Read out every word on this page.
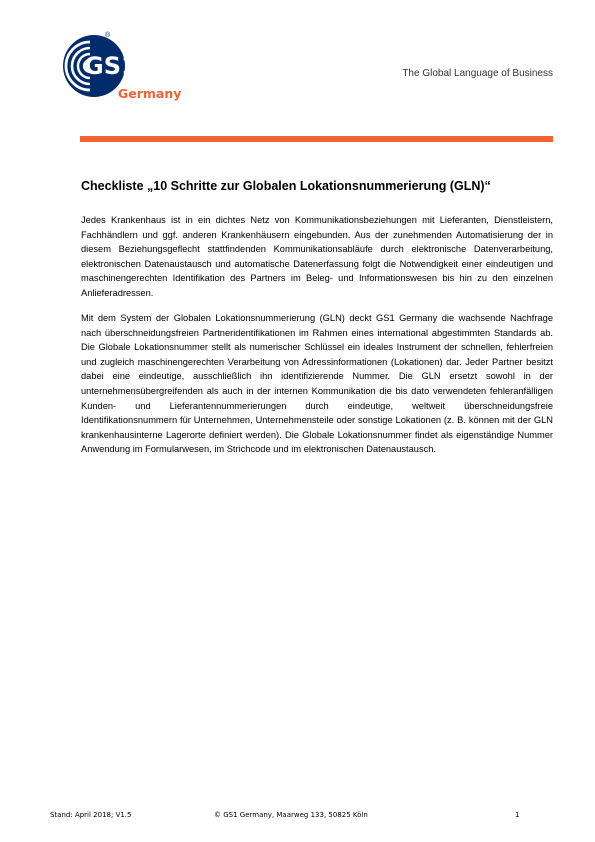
GS1
®
Germany
The Global Language of Business
Checkliste „10 Schritte zur Globalen Lokationsnummerierung (GLN)“

Jedes Krankenhaus ist in ein dichtes Netz von Kommunikationsbeziehungen mit Lieferanten, Dienstleistern, Fachhändlern und ggf. anderen Krankenhäusern eingebunden. Aus der zunehmenden Automatisierung der in diesem Beziehungsgeflecht stattfindenden Kommunikationsabläufe durch elektronische Datenverarbeitung, elektronischen Datenaustausch und automatische Datenerfassung folgt die Notwendigkeit einer eindeutigen und maschinengerechten Identifikation des Partners im Beleg- und Informationswesen bis hin zu den einzelnen Anlieferadressen.

Mit dem System der Globalen Lokationsnummerierung (GLN) deckt GS1 Germany die wachsende Nachfrage nach überschneidungsfreien Partneridentifikationen im Rahmen eines international abgestimmten Standards ab. Die Globale Lokationsnummer stellt als numerischer Schlüssel ein ideales Instrument der schnellen, fehlerfreien und zugleich maschinengerechten Verarbeitung von Adressinformationen (Lokationen) dar. Jeder Partner besitzt dabei eine eindeutige, ausschließlich ihn identifizierende Nummer. Die GLN ersetzt sowohl in der unternehmensübergreifenden als auch in der internen Kommunikation die bis dato verwendeten fehleranfälligen Kunden- und Lieferantennummerierungen durch eindeutige, weltweit überschneidungsfreie Identifikationsnummern für Unternehmen, Unternehmensteile oder sonstige Lokationen (z. B. können mit der GLN krankenhausinterne Lagerorte definiert werden). Die Globale Lokationsnummer findet als eigenständige Nummer Anwendung im Formularwesen, im Strichcode und im elektronischen Datenaustausch.

Stand: April 2018; V1.5	© GS1 Germany, Maarweg 133, 50825 Köln	1
